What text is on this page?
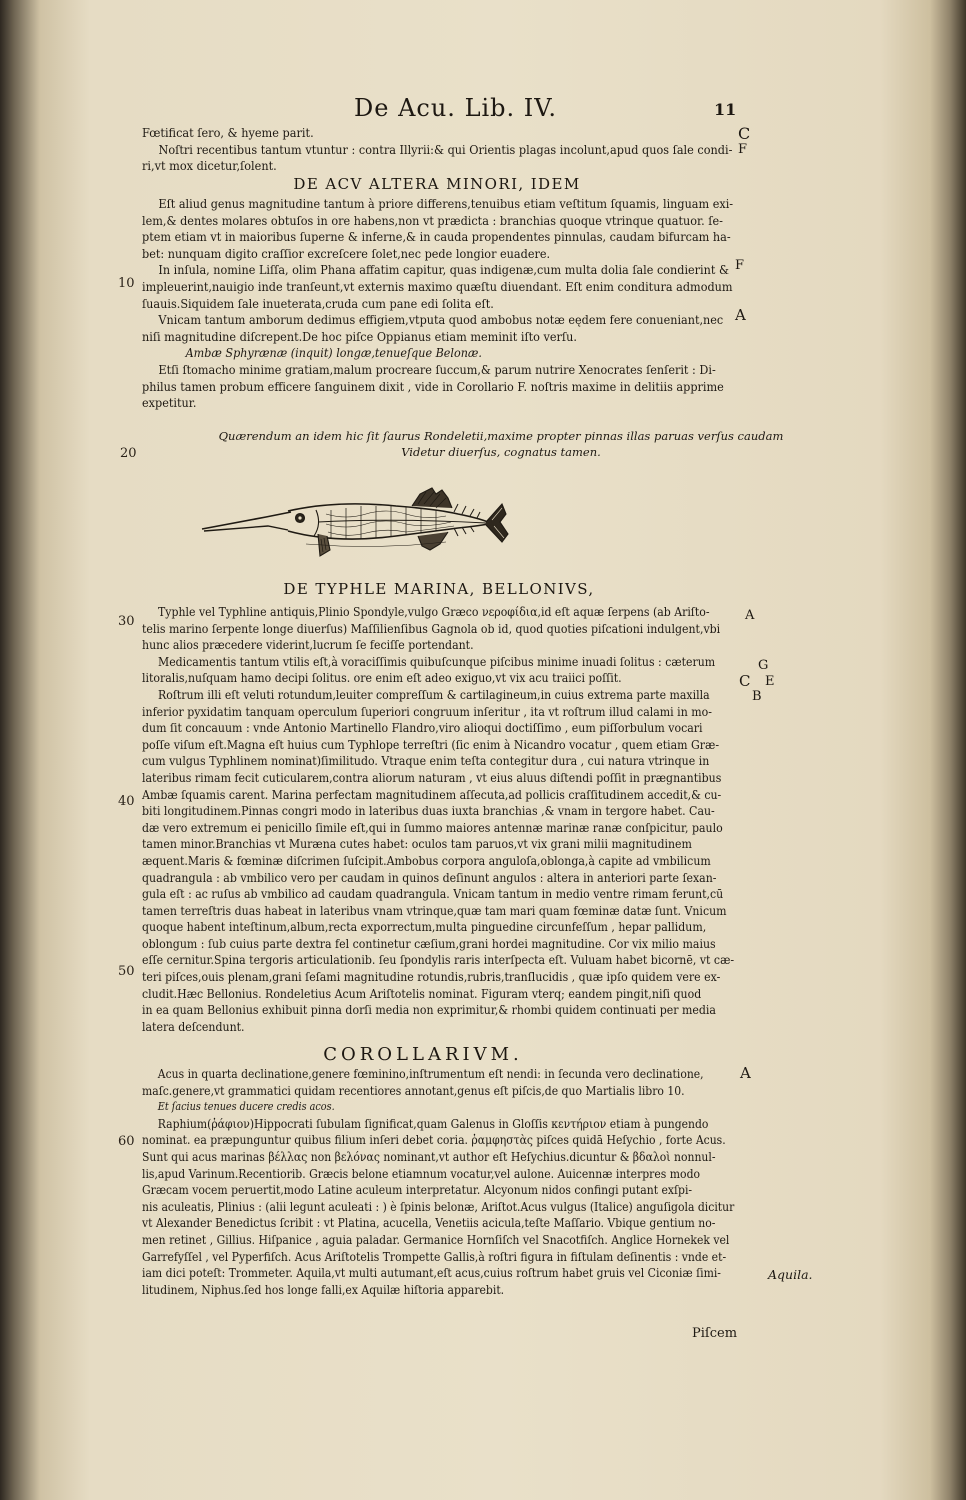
De Acu. Lib. IV.	11

Fœtificat ſero, & hyeme parit.

Noſtri recentibus tantum vtuntur : contra Illyrii:& qui Orientis plagas incolunt,apud quos ſale condi-

ri,vt mox dicetur,ſolent.

DE ACV ALTERA MINORI, IDEM

Eſt aliud genus magnitudine tantum à priore differens,tenuibus etiam veſtitum ſquamis, linguam exi-

lem,& dentes molares obtuſos in ore habens,non vt prædicta : branchias quoque vtrinque quatuor. ſe-

ptem etiam vt in maioribus ſuperne & inferne,& in cauda propendentes pinnulas, caudam bifurcam ha-

bet: nunquam digito craſſior excreſcere ſolet,nec pede longior euadere.

In inſula, nomine Liſſa, olim Phana affatim capitur, quas indigenæ,cum multa dolia ſale condierint &

impleuerint,nauigio inde tranſeunt,vt externis maximo quæſtu diuendant. Eſt enim conditura admodum

ſuauis.Siquidem ſale inueterata,cruda cum pane edi ſolita eſt.

Vnicam tantum amborum dedimus effigiem,vtputa quod ambobus notæ eędem fere conueniant,nec

niſi magnitudine diſcrepent.De hoc piſce Oppianus etiam meminit iſto verſu.

Ambæ Sphyrænæ (inquit) longæ,tenueſque Belonæ.

Etſi ſtomacho minime gratiam,malum procreare ſuccum,& parum nutrire Xenocrates ſenſerit : Di-

philus tamen probum efficere ſanguinem dixit , vide in Corollario F. noſtris maxime in delitiis apprime

expetitur.

Quærendum an idem hic ſit ſaurus Rondeletii,maxime propter pinnas illas paruas verſus caudam
Videtur diuerſus, cognatus tamen.
DE TYPHLE MARINA, BELLONIVS,

Typhle vel Typhline antiquis,Plinio Spondyle,vulgo Græco νεροφίδια,id eſt aquæ ſerpens (ab Ariſto-

telis marino ſerpente longe diuerſus) Maſſilienſibus Gagnola ob id, quod quoties piſcationi indulgent,vbi

hunc alios præcedere viderint,lucrum ſe feciſſe portendant.

Medicamentis tantum vtilis eſt,à voraciſſimis quibuſcunque piſcibus minime inuadi ſolitus : cæterum

litoralis,nuſquam hamo decipi ſolitus. ore enim eſt adeo exiguo,vt vix acu traiici poſſit.

Roſtrum illi eſt veluti rotundum,leuiter compreſſum & cartilagineum,in cuius extrema parte maxilla

inferior pyxidatim tanquam operculum ſuperiori congruum inſeritur , ita vt roſtrum illud calami in mo-

dum ſit concauum : vnde Antonio Martinello Flandro,viro alioqui doctiſſimo , eum piſſorbulum vocari

poſſe viſum eſt.Magna eſt huius cum Typhlope terreſtri (ſic enim à Nicandro vocatur , quem etiam Græ-

cum vulgus Typhlinem nominat)ſimilitudo. Vtraque enim teſta contegitur dura , cui natura vtrinque in

lateribus rimam fecit cuticularem,contra aliorum naturam , vt eius aluus diſtendi poſſit in prægnantibus

Ambæ ſquamis carent. Marina perfectam magnitudinem aſſecuta,ad pollicis craſſitudinem accedit,& cu-

biti longitudinem.Pinnas congri modo in lateribus duas iuxta branchias ,& vnam in tergore habet. Cau-

dæ vero extremum ei penicillo ſimile eſt,qui in ſummo maiores antennæ marinæ ranæ conſpicitur, paulo

tamen minor.Branchias vt Muræna cutes habet: oculos tam paruos,vt vix grani milii magnitudinem

æquent.Maris & fœminæ diſcrimen ſuſcipit.Ambobus corpora anguloſa,oblonga,à capite ad vmbilicum

quadrangula : ab vmbilico vero per caudam in quinos deſinunt angulos : altera in anteriori parte ſexan-

gula eſt : ac ruſus ab vmbilico ad caudam quadrangula. Vnicam tantum in medio ventre rimam ferunt,cū

tamen terreſtris duas habeat in lateribus vnam vtrinque,quæ tam mari quam fœminæ datæ ſunt. Vnicum

quoque habent inteſtinum,album,recta exporrectum,multa pinguedine circunfeſſum , hepar pallidum,

oblongum : ſub cuius parte dextra fel continetur cæſium,grani hordei magnitudine. Cor vix milio maius

eſſe cernitur.Spina tergoris articulationib. ſeu ſpondylis raris interſpecta eſt. Vuluam habet bicornē, vt cæ-

teri piſces,ouis plenam,grani ſeſami magnitudine rotundis,rubris,tranſlucidis , quæ ipſo quidem vere ex-

cludit.Hæc Bellonius. Rondeletius Acum Ariſtotelis nominat. Figuram vterq; eandem pingit,niſi quod

in ea quam Bellonius exhibuit pinna dorſi media non exprimitur,& rhombi quidem continuati per media

latera deſcendunt.

COROLLARIVM.

Acus in quarta declinatione,genere fœminino,inſtrumentum eſt nendi: in ſecunda vero declinatione,

maſc.genere,vt grammatici quidam recentiores annotant,genus eſt piſcis,de quo Martialis libro 10.

Et ſacius tenues ducere credis acos.

Raphium(ῥάφιον)Hippocrati ſubulam ſignificat,quam Galenus in Gloſſis κεντήριον etiam à pungendo

nominat. ea præpunguntur quibus filium inſeri debet coria. ῥαμφηστὰς piſces quidā Heſychio , forte Acus.

Sunt qui acus marinas βέλλας non βελόνας nominant,vt author eſt Heſychius.dicuntur & βδαλοὶ nonnul-

lis,apud Varinum.Recentiorib. Græcis belone etiamnum vocatur,vel aulone. Auicennæ interpres modo

Græcam vocem peruertit,modo Latine aculeum interpretatur. Alcyonum nidos confingi putant exſpi-

nis aculeatis, Plinius : (alii legunt aculeati : ) è ſpinis belonæ, Ariſtot.Acus vulgus (Italice) anguſigola dicitur

vt Alexander Benedictus ſcribit : vt Platina, acucella, Venetiis acicula,teſte Maſſario. Vbique gentium no-

men retinet , Gillius. Hiſpanice , aguia paladar. Germanice Hornſiſch vel Snacotfiſch. Anglice Hornekek vel

Garrefyſſel , vel Pyperfiſch. Acus Ariſtotelis Trompette Gallis,à roſtri figura in fiſtulam deſinentis : vnde et-

iam dici poteſt: Trommeter. Aquila,vt multi autumant,eſt acus,cuius roſtrum habet gruis vel Ciconiæ ſimi-

litudinem, Niphus.ſed hos longe falli,ex Aquilæ hiſtoria apparebit.

Piſcem
C
F
F
A
A
G
C E
B
A
Aquila.
10
20
30
40
50
60
